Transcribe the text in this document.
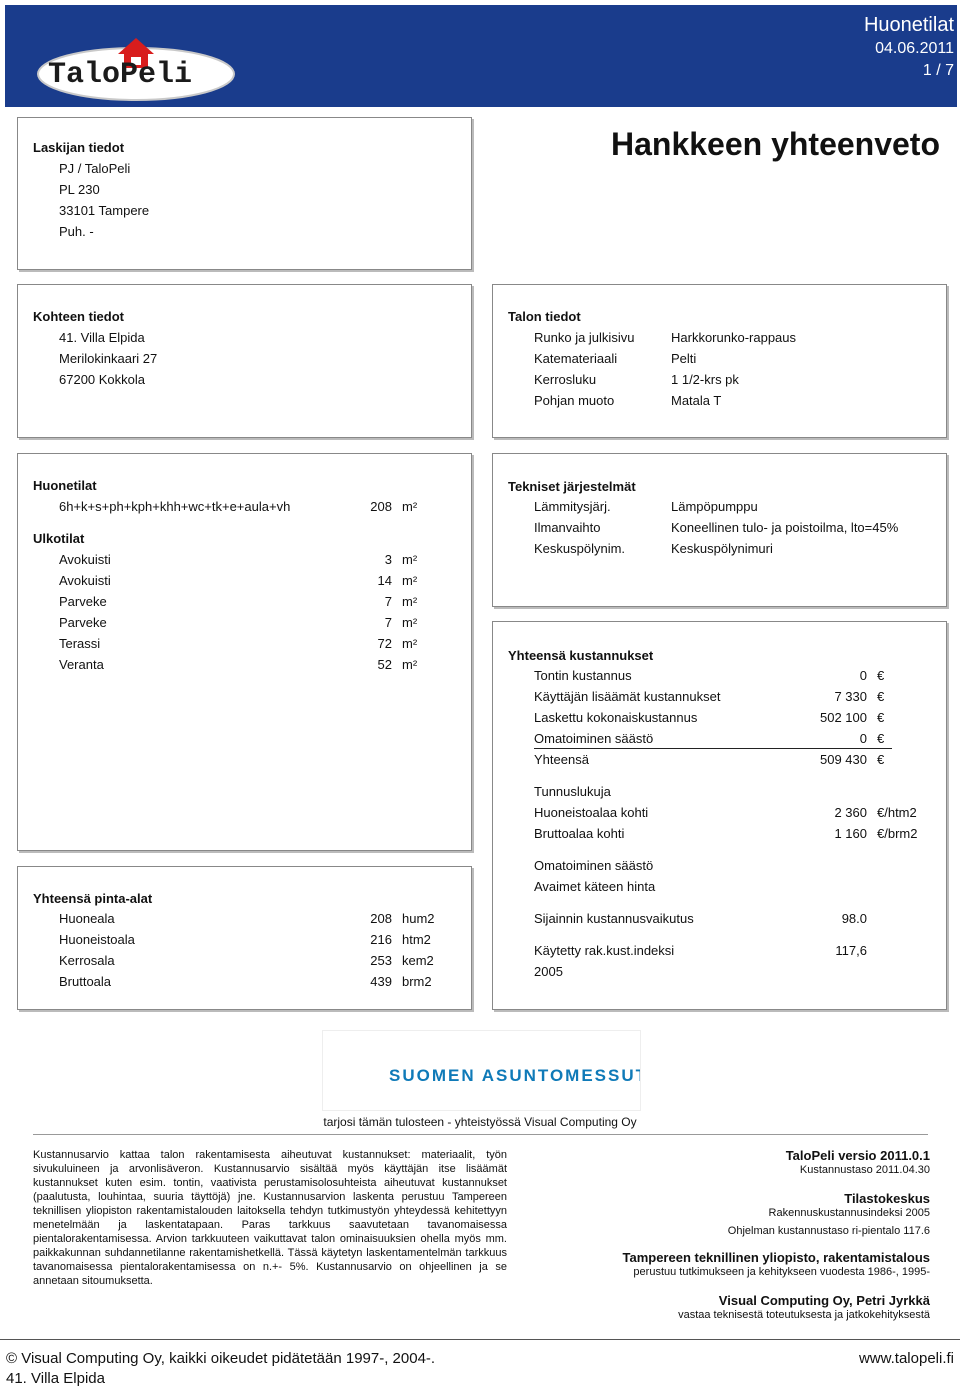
TaloPeli
Huonetilat
04.06.2011
1 / 7
Laskijan tiedot
PJ / TaloPeli
PL 230
33101 Tampere
Puh. -
Hankkeen yhteenveto
Kohteen tiedot
41. Villa Elpida
Merilokinkaari 27
67200 Kokkola
Talon tiedot
Runko ja julkisivu	Harkkorunko-rappaus
Katemateriaali	Pelti
Kerrosluku	1 1/2-krs pk
Pohjan muoto	Matala T
Huonetilat
6h+k+s+ph+kph+khh+wc+tk+e+aula+vh	208 m²
Ulkotilat
Avokuisti	3 m²
Avokuisti	14 m²
Parveke	7 m²
Parveke	7 m²
Terassi	72 m²
Veranta	52 m²
Yhteensä pinta-alat
Huoneala	208 hum2
Huoneistoala	216 htm2
Kerrosala	253 kem2
Bruttoala	439 brm2
Tekniset järjestelmät
Lämmitysjärj.	Lämpöpumppu
Ilmanvaihto	Koneellinen tulo- ja poistoilma, lto=45%
Keskuspölynim.	Keskuspölynimuri
Yhteensä kustannukset
Tontin kustannus	0 €
Käyttäjän lisäämät kustannukset	7 330 €
Laskettu kokonaiskustannus	502 100 €
Omatoiminen säästö	0 €
Yhteensä	509 430 €
Tunnuslukuja
Huoneistoalaa kohti	2 360 €/htm2
Bruttoalaa kohti	1 160 €/brm2
Omatoiminen säästö
Avaimet käteen hinta
Sijainnin kustannusvaikutus	98.0
Käytetty rak.kust.indeksi	117,6
2005
SUOMEN ASUNTOMESSUT
tarjosi tämän tulosteen - yhteistyössä Visual Computing Oy
Kustannusarvio kattaa talon rakentamisesta aiheutuvat kustannukset: materiaalit, työn sivukuluineen ja arvonlisäveron. Kustannusarvio sisältää myös käyttäjän itse lisäämät kustannukset kuten esim. tontin, vaativista perustamisolosuhteista aiheutuvat kustannukset (paalutusta, louhintaa, suuria täyttöjä) jne. Kustannusarvion laskenta perustuu Tampereen teknillisen yliopiston rakentamistalouden laitoksella tehdyn tutkimustyön yhteydessä kehitettyyn menetelmään ja laskentatapaan. Paras tarkkuus saavutetaan tavanomaisessa pientalorakentamisessa. Arvion tarkkuuteen vaikuttavat talon ominaisuuksien ohella myös mm. paikkakunnan suhdannetilanne rakentamishetkellä. Tässä käytetyn laskentamentelmän tarkkuus tavanomaisessa pientalorakentamisessa on n.+- 5%. Kustannusarvio on ohjeellinen ja se annetaan sitoumuksetta.
TaloPeli versio 2011.0.1
Kustannustaso 2011.04.30
Tilastokeskus
Rakennuskustannusindeksi 2005
Ohjelman kustannustaso ri-pientalo 117.6
Tampereen teknillinen yliopisto, rakentamistalous
perustuu tutkimukseen ja kehitykseen vuodesta 1986-, 1995-
Visual Computing Oy, Petri Jyrkkä
vastaa teknisestä toteutuksesta ja jatkokehityksestä
© Visual Computing Oy, kaikki oikeudet pidätetään 1997-, 2004-.	www.talopeli.fi
41. Villa Elpida
